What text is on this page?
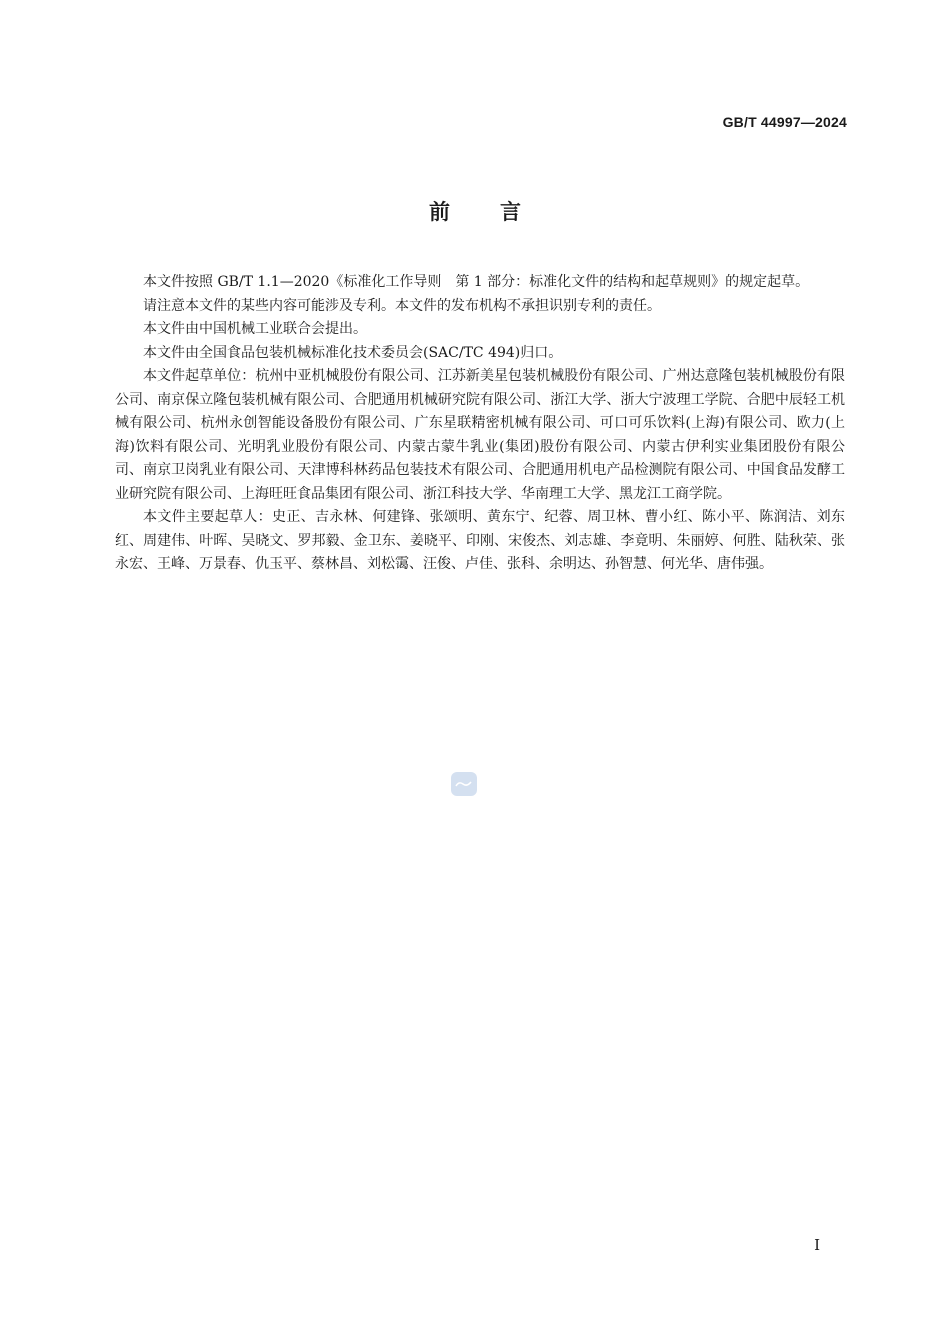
GB/T 44997—2024
前言

本文件按照 GB/T 1.1—2020《标准化工作导则　第 1 部分：标准化文件的结构和起草规则》的规定起草。

请注意本文件的某些内容可能涉及专利。本文件的发布机构不承担识别专利的责任。

本文件由中国机械工业联合会提出。

本文件由全国食品包装机械标准化技术委员会(SAC/TC 494)归口。

本文件起草单位：杭州中亚机械股份有限公司、江苏新美星包装机械股份有限公司、广州达意隆包装机械股份有限公司、南京保立隆包装机械有限公司、合肥通用机械研究院有限公司、浙江大学、浙大宁波理工学院、合肥中辰轻工机械有限公司、杭州永创智能设备股份有限公司、广东星联精密机械有限公司、可口可乐饮料(上海)有限公司、欧力(上海)饮料有限公司、光明乳业股份有限公司、内蒙古蒙牛乳业(集团)股份有限公司、内蒙古伊利实业集团股份有限公司、南京卫岗乳业有限公司、天津博科林药品包装技术有限公司、合肥通用机电产品检测院有限公司、中国食品发酵工业研究院有限公司、上海旺旺食品集团有限公司、浙江科技大学、华南理工大学、黑龙江工商学院。

本文件主要起草人：史正、吉永林、何建锋、张颂明、黄东宁、纪蓉、周卫林、曹小红、陈小平、陈润洁、刘东红、周建伟、叶晖、吴晓文、罗邦毅、金卫东、姜晓平、印刚、宋俊杰、刘志雄、李竟明、朱丽婷、何胜、陆秋荣、张永宏、王峰、万景春、仇玉平、蔡林昌、刘松霭、汪俊、卢佳、张科、余明达、孙智慧、何光华、唐伟强。

I
